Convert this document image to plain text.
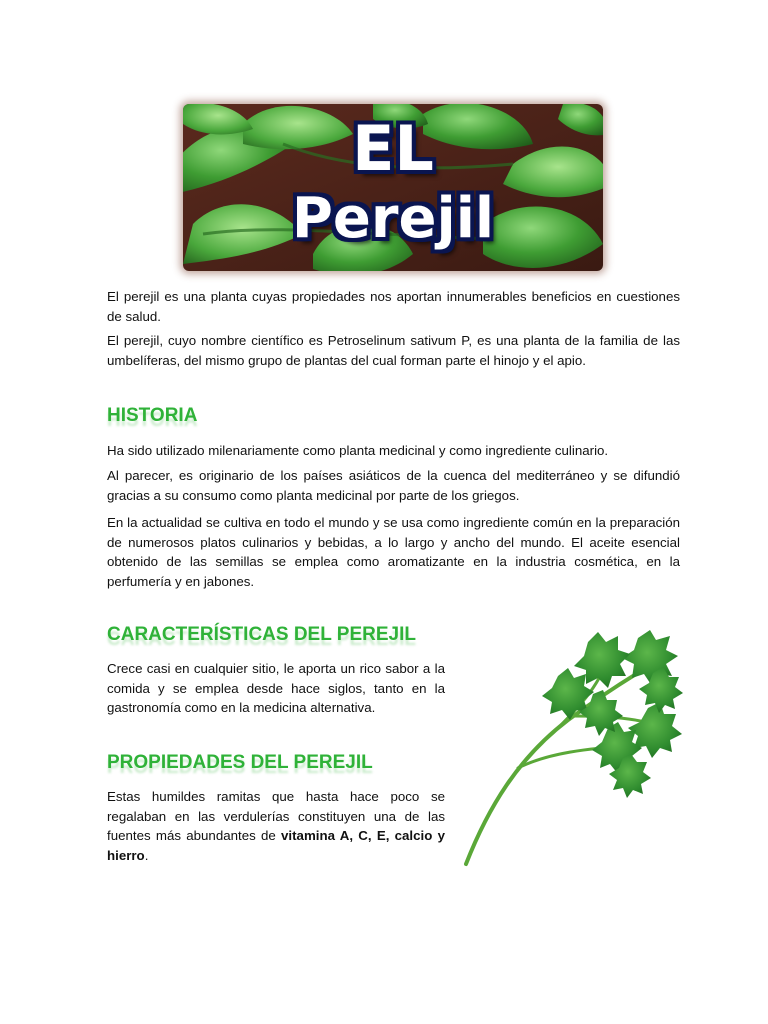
EL
Perejil

El perejil es una planta cuyas propiedades nos aportan innumerables beneficios en cuestiones de salud.

El perejil, cuyo nombre científico es Petroselinum sativum P, es una planta de la familia de las umbelíferas, del mismo grupo de plantas del cual forman parte el hinojo y el apio.

HISTORIA

Ha sido utilizado milenariamente como planta medicinal y como ingrediente culinario.

Al parecer, es originario de los países asiáticos de la cuenca del mediterráneo y se difundió gracias a su consumo como planta medicinal por parte de los griegos.

En la actualidad se cultiva en todo el mundo y se usa como ingrediente común en la preparación de numerosos platos culinarios y bebidas, a lo largo y ancho del mundo. El aceite esencial obtenido de las semillas se emplea como aromatizante en la industria cosmética, en la perfumería y en jabones.

CARACTERÍSTICAS DEL PEREJIL

Crece casi en cualquier sitio, le aporta un rico sabor a la comida y se emplea desde hace siglos, tanto en la gastronomía como en la medicina alternativa.

PROPIEDADES DEL PEREJIL

Estas humildes ramitas que hasta hace poco se regalaban en las verdulerías constituyen una de las fuentes más abundantes de vitamina A, C, E, calcio y hierro.
